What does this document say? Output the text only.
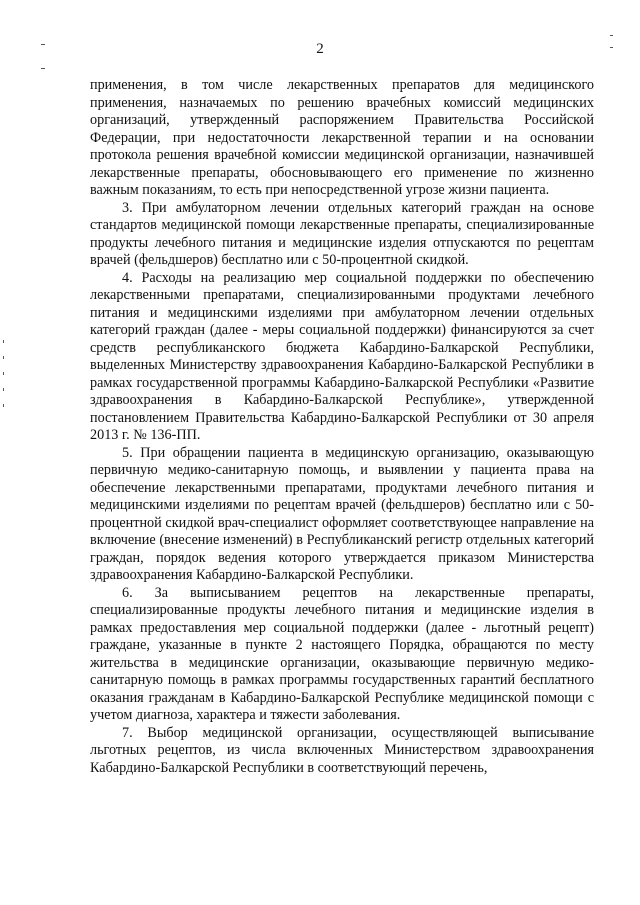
2

применения, в том числе лекарственных препаратов для медицинского применения, назначаемых по решению врачебных комиссий медицинских организаций, утвержденный распоряжением Правительства Российской Федерации, при недостаточности лекарственной терапии и на основании протокола решения врачебной комиссии медицинской организации, назначившей лекарственные препараты, обосновывающего его применение по жизненно важным показаниям, то есть при непосредственной угрозе жизни пациента.

3. При амбулаторном лечении отдельных категорий граждан на основе стандартов медицинской помощи лекарственные препараты, специализированные продукты лечебного питания и медицинские изделия отпускаются по рецептам врачей (фельдшеров) бесплатно или с 50-процентной скидкой.

4. Расходы на реализацию мер социальной поддержки по обеспечению лекарственными препаратами, специализированными продуктами лечебного питания и медицинскими изделиями при амбулаторном лечении отдельных категорий граждан (далее - меры социальной поддержки) финансируются за счет средств республиканского бюджета Кабардино-Балкарской Республики, выделенных Министерству здравоохранения Кабардино-Балкарской Республики в рамках государственной программы Кабардино-Балкарской Республики «Развитие здравоохранения в Кабардино-Балкарской Республике», утвержденной постановлением Правительства Кабардино-Балкарской Республики от 30 апреля 2013 г. № 136-ПП.

5. При обращении пациента в медицинскую организацию, оказывающую первичную медико-санитарную помощь, и выявлении у пациента права на обеспечение лекарственными препаратами, продуктами лечебного питания и медицинскими изделиями по рецептам врачей (фельдшеров) бесплатно или с 50-процентной скидкой врач-специалист оформляет соответствующее направление на включение (внесение изменений) в Республиканский регистр отдельных категорий граждан, порядок ведения которого утверждается приказом Министерства здравоохранения Кабардино-Балкарской Республики.

6. За выписыванием рецептов на лекарственные препараты, специализированные продукты лечебного питания и медицинские изделия в рамках предоставления мер социальной поддержки (далее - льготный рецепт) граждане, указанные в пункте 2 настоящего Порядка, обращаются по месту жительства в медицинские организации, оказывающие первичную медико-санитарную помощь в рамках программы государственных гарантий бесплатного оказания гражданам в Кабардино-Балкарской Республике медицинской помощи с учетом диагноза, характера и тяжести заболевания.

7. Выбор медицинской организации, осуществляющей выписывание льготных рецептов, из числа включенных Министерством здравоохранения Кабардино-Балкарской Республики в соответствующий перечень,
